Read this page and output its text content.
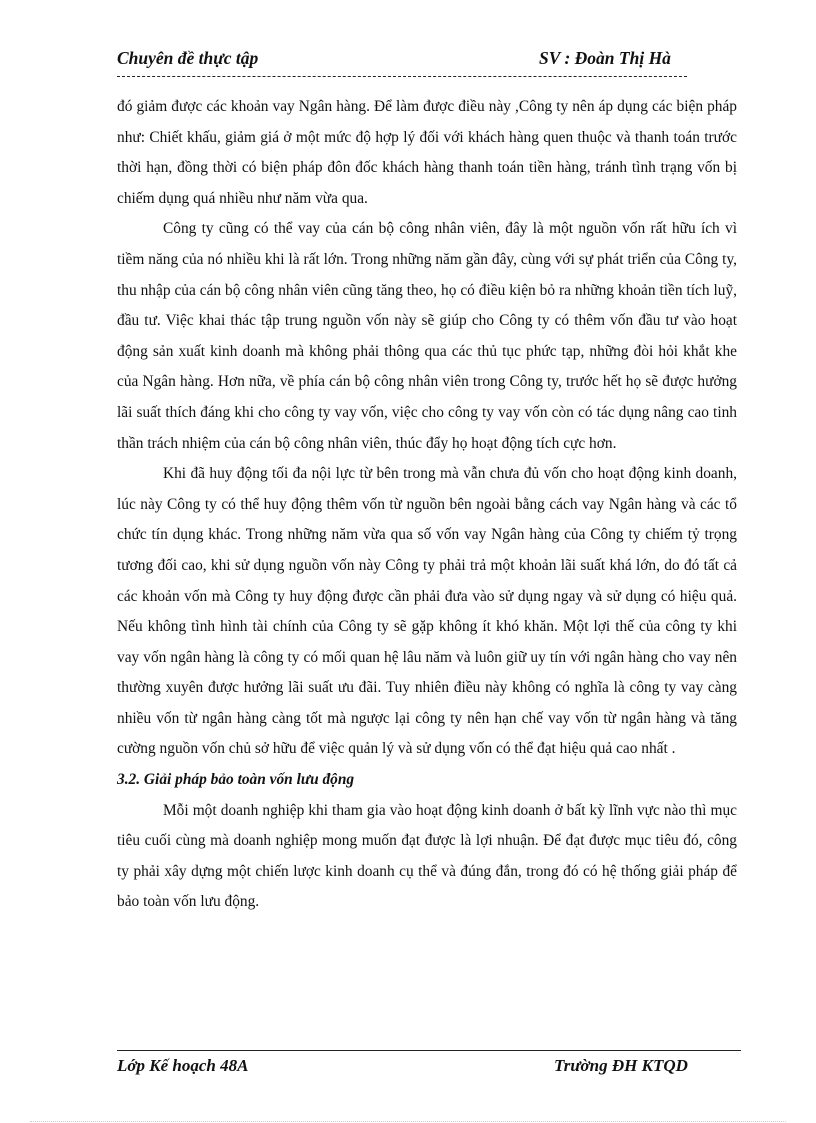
Chuyên đề thực tập	SV : Đoàn Thị Hà

đó giảm được các khoản vay Ngân hàng. Để làm được điều này ,Công ty nên áp dụng các biện pháp như: Chiết khấu, giảm giá ở một mức độ hợp lý đối với khách hàng quen thuộc và thanh toán trước thời hạn, đồng thời có biện pháp đôn đốc khách hàng thanh toán tiền hàng, tránh tình trạng vốn bị chiếm dụng quá nhiều như năm vừa qua.

Công ty cũng có thể vay của cán bộ công nhân viên, đây là một nguồn vốn rất hữu ích vì tiềm năng của nó nhiều khi là rất lớn. Trong những năm gần đây, cùng với sự phát triển của Công ty, thu nhập của cán bộ công nhân viên cũng tăng theo, họ có điều kiện bỏ ra những khoản tiền tích luỹ, đầu tư. Việc khai thác tập trung nguồn vốn này sẽ giúp cho Công ty có thêm vốn đầu tư vào hoạt động sản xuất kinh doanh mà không phải thông qua các thủ tục phức tạp, những đòi hỏi khắt khe của Ngân hàng. Hơn nữa, về phía cán bộ công nhân viên trong Công ty, trước hết họ sẽ được hưởng lãi suất thích đáng khi cho công ty vay vốn, việc cho công ty vay vốn còn có tác dụng nâng cao tinh thần trách nhiệm của cán bộ công nhân viên, thúc đẩy họ hoạt động tích cực hơn.

Khi đã huy động tối đa nội lực từ bên trong mà vẫn chưa đủ vốn cho hoạt động kinh doanh, lúc này Công ty có thể huy động thêm vốn từ nguồn bên ngoài bằng cách vay Ngân hàng và các tổ chức tín dụng khác. Trong những năm vừa qua số vốn vay Ngân hàng của Công ty chiếm tỷ trọng tương đối cao, khi sử dụng nguồn vốn này Công ty phải trả một khoản lãi suất khá lớn, do đó tất cả các khoản vốn mà Công ty huy động được cần phải đưa vào sử dụng ngay và sử dụng có hiệu quả. Nếu không tình hình tài chính của Công ty sẽ gặp không ít khó khăn. Một lợi thế của công ty khi vay vốn ngân hàng là công ty có mối quan hệ lâu năm và luôn giữ uy tín với ngân hàng cho vay nên thường xuyên được hưởng lãi suất ưu đãi. Tuy nhiên điều này không có nghĩa là công ty vay càng nhiều vốn từ ngân hàng càng tốt mà ngược lại công ty nên hạn chế vay vốn từ ngân hàng và tăng cường nguồn vốn chủ sở hữu để việc quản lý và sử dụng vốn có thể đạt hiệu quả cao nhất .

3.2. Giải pháp bảo toàn vốn lưu động

Mỗi một doanh nghiệp khi tham gia vào hoạt động kinh doanh ở bất kỳ lĩnh vực nào thì mục tiêu cuối cùng mà doanh nghiệp mong muốn đạt được là lợi nhuận. Để đạt được mục tiêu đó, công ty phải xây dựng một chiến lược kinh doanh cụ thể và đúng đắn, trong đó có hệ thống giải pháp để bảo toàn vốn lưu động.

Lớp Kế hoạch 48A	Trường ĐH KTQD
